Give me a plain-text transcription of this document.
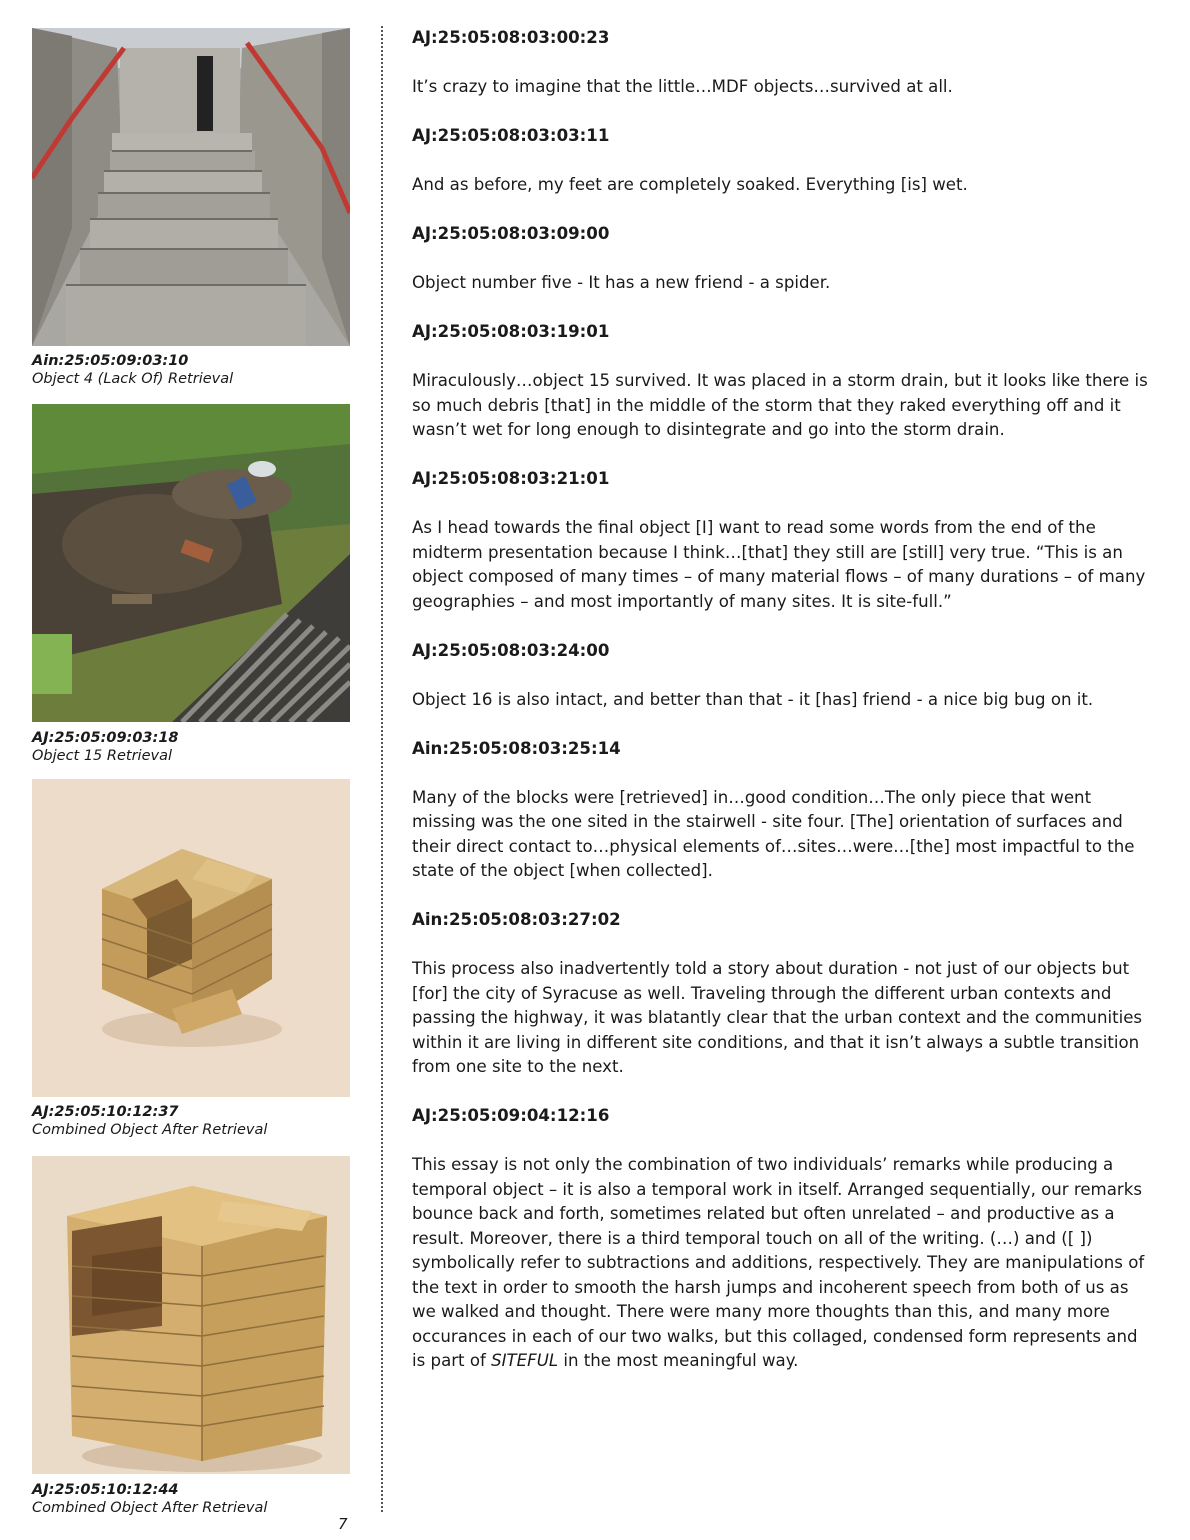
Ain:25:05:09:03:10
Object 4 (Lack Of) Retrieval
AJ:25:05:09:03:18
Object 15 Retrieval
AJ:25:05:10:12:37
Combined Object After Retrieval
AJ:25:05:10:12:44
Combined Object After Retrieval
7

AJ:25:05:08:03:00:23

It’s crazy to imagine that the little…MDF objects…survived at all.

AJ:25:05:08:03:03:11

And as before, my feet are completely soaked. Everything [is] wet.

AJ:25:05:08:03:09:00

Object number five - It has a new friend - a spider.

AJ:25:05:08:03:19:01

Miraculously…object 15 survived. It was placed in a storm drain, but it looks like there is so much debris [that] in the middle of the storm that they raked everything off and it wasn’t wet for long enough to disintegrate and go into the storm drain.

AJ:25:05:08:03:21:01

As I head towards the final object [I] want to read some words from the end of the midterm presentation because I think…[that] they still are [still] very true. “This is an object composed of many times – of many material flows – of many durations – of many geographies – and most importantly of many sites. It is site-full.”

AJ:25:05:08:03:24:00

Object 16 is also intact, and better than that - it [has] friend - a nice big bug on it.

Ain:25:05:08:03:25:14

Many of the blocks were [retrieved] in…good condition…The only piece that went missing was the one sited in the stairwell - site four. [The] orientation of surfaces and their direct contact to…physical elements of…sites…were…[the] most impactful to the state of the object [when collected].

Ain:25:05:08:03:27:02

This process also inadvertently told a story about duration - not just of our objects but [for] the city of Syracuse as well. Traveling through the different urban contexts and passing the highway, it was blatantly clear that the urban context and the communities within it are living in different site conditions, and that it isn’t always a subtle transition from one site to the next.

AJ:25:05:09:04:12:16

This essay is not only the combination of two individuals’ remarks while producing a temporal object – it is also a temporal work in itself. Arranged sequentially, our remarks bounce back and forth, sometimes related but often unrelated – and productive as a result. Moreover, there is a third temporal touch on all of the writing. (…) and ([ ]) symbolically refer to subtractions and additions, respectively. They are manipulations of the text in order to smooth the harsh jumps and incoherent speech from both of us as we walked and thought. There were many more thoughts than this, and many more occurances in each of our two walks, but this collaged, condensed form represents and is part of SITEFUL in the most meaningful way.
